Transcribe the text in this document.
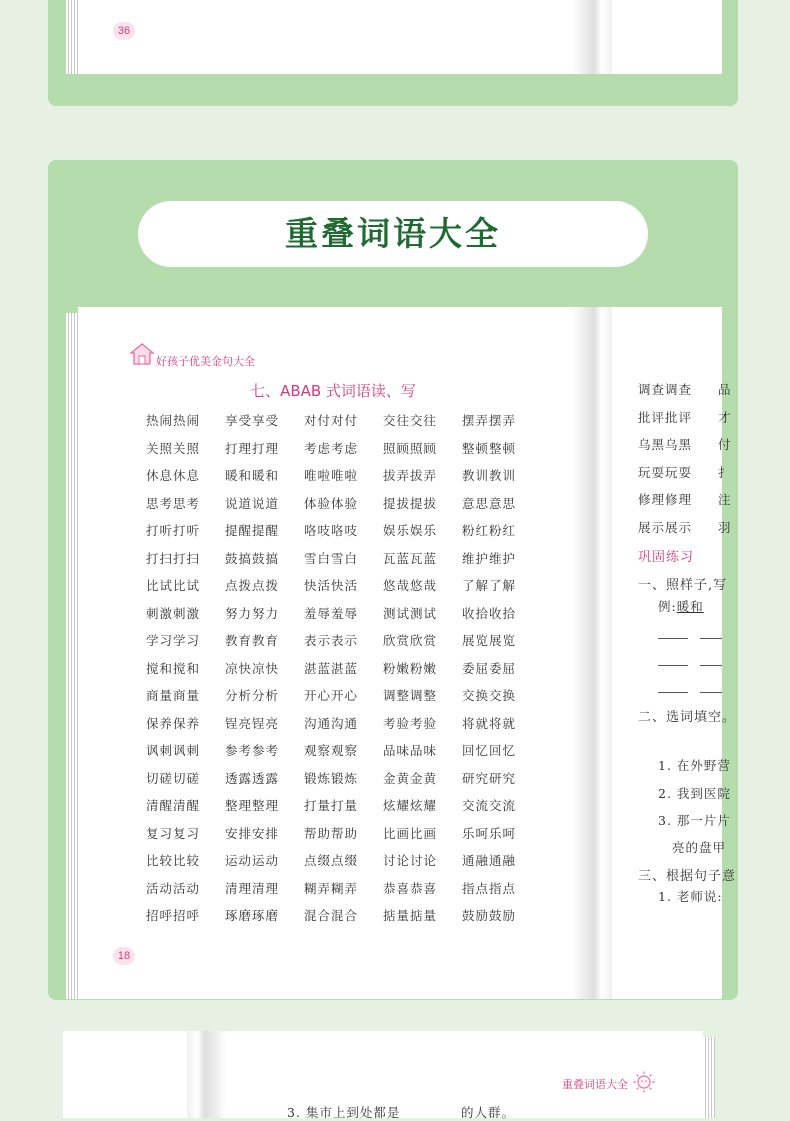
36
重叠词语大全
好孩子优美金句大全
七、ABAB 式词语读、写
热闹热闹	享受享受	对付对付	交往交往	摆弄摆弄
关照关照	打理打理	考虑考虑	照顾照顾	整顿整顿
休息休息	暖和暖和	唯啦唯啦	拔弄拔弄	教训教训
思考思考	说道说道	体验体验	提拔提拔	意思意思
打听打听	提醒提醒	咯吱咯吱	娱乐娱乐	粉红粉红
打扫打扫	鼓搞鼓搞	雪白雪白	瓦蓝瓦蓝	维护维护
比试比试	点拨点拨	快活快活	悠哉悠哉	了解了解
刺激刺激	努力努力	羞辱羞辱	测试测试	收拾收拾
学习学习	教育教育	表示表示	欣赏欣赏	展览展览
搅和搅和	凉快凉快	湛蓝湛蓝	粉嫩粉嫩	委屈委屈
商量商量	分析分析	开心开心	调整调整	交换交换
保养保养	锃亮锃亮	沟通沟通	考验考验	将就将就
讽刺讽刺	参考参考	观察观察	品味品味	回忆回忆
切磋切磋	透露透露	锻炼锻炼	金黄金黄	研究研究
清醒清醒	整理整理	打量打量	炫耀炫耀	交流交流
复习复习	安排安排	帮助帮助	比画比画	乐呵乐呵
比较比较	运动运动	点缀点缀	讨论讨论	通融通融
活动活动	清理清理	糊弄糊弄	恭喜恭喜	指点指点
招呼招呼	琢磨琢磨	混合混合	掂量掂量	鼓励鼓励
18
调查调查 品
批评批评 才
乌黑乌黑 付
玩耍玩耍 扌
修理修理 注
展示展示 羽
巩固练习
一、照样子,写
例:暖和
二、选词填空。
1. 在外野营
2. 我到医院
3. 那一片片
亮的盘甲
三、根据句子意
1. 老师说:
重叠词语大全
3. 集市上到处都是	的人群。
